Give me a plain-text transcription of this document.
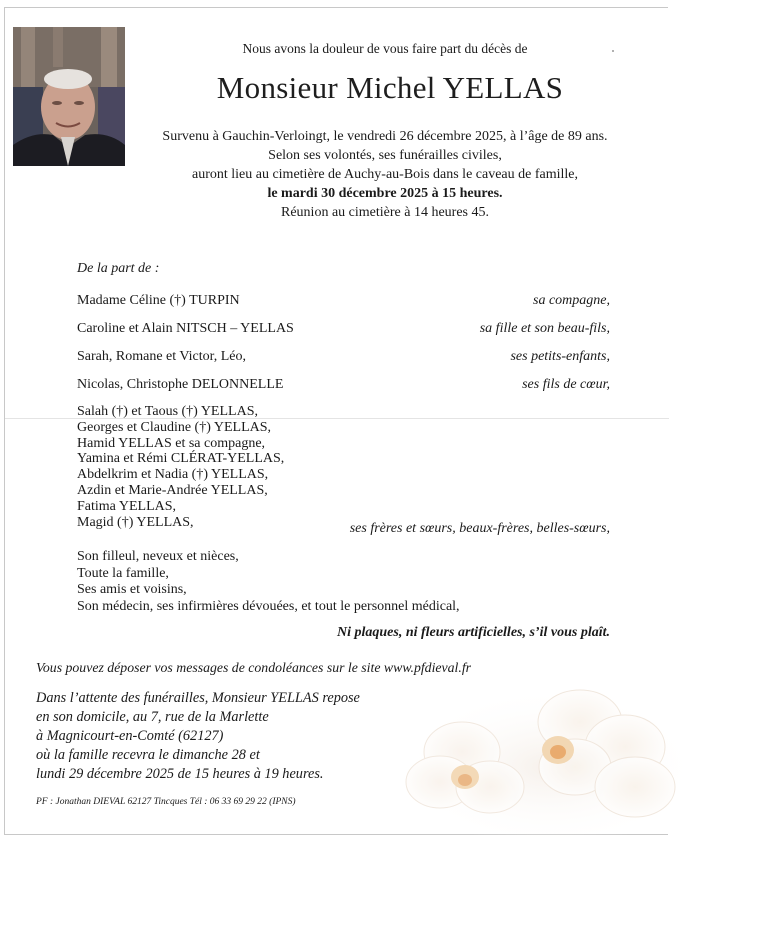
Nous avons la douleur de vous faire part du décès de
Monsieur Michel YELLAS
Survenu à Gauchin-Verloingt, le vendredi 26 décembre 2025, à l’âge de 89 ans.
Selon ses volontés, ses funérailles civiles,
auront lieu au cimetière de Auchy-au-Bois dans le caveau de famille,
le mardi 30 décembre 2025 à 15 heures.
Réunion au cimetière à 14 heures 45.
De la part de :
Madame Céline (†) TURPIN	sa compagne,
Caroline et Alain NITSCH – YELLAS	sa fille et son beau-fils,
Sarah, Romane et Victor, Léo,	ses petits-enfants,
Nicolas, Christophe DELONNELLE	ses fils de cœur,
Salah (†) et Taous (†) YELLAS,
Georges et Claudine (†) YELLAS,
Hamid YELLAS et sa compagne,
Yamina et Rémi CLÉRAT-YELLAS,
Abdelkrim et Nadia (†) YELLAS,
Azdin et Marie-Andrée YELLAS,
Fatima YELLAS,
Magid (†) YELLAS,	ses frères et sœurs, beaux-frères, belles-sœurs,
Son filleul, neveux et nièces,
Toute la famille,
Ses amis et voisins,
Son médecin, ses infirmières dévouées, et tout le personnel médical,
Ni plaques, ni fleurs artificielles, s’il vous plaît.
Vous pouvez déposer vos messages de condoléances sur le site www.pfdieval.fr
Dans l’attente des funérailles, Monsieur YELLAS repose
en son domicile, au 7, rue de la Marlette
à Magnicourt-en-Comté (62127)
où la famille recevra le dimanche 28 et
lundi 29 décembre 2025 de 15 heures à 19 heures.
PF : Jonathan DIEVAL 62127 Tincques Tél : 06 33 69 29 22 (IPNS)
